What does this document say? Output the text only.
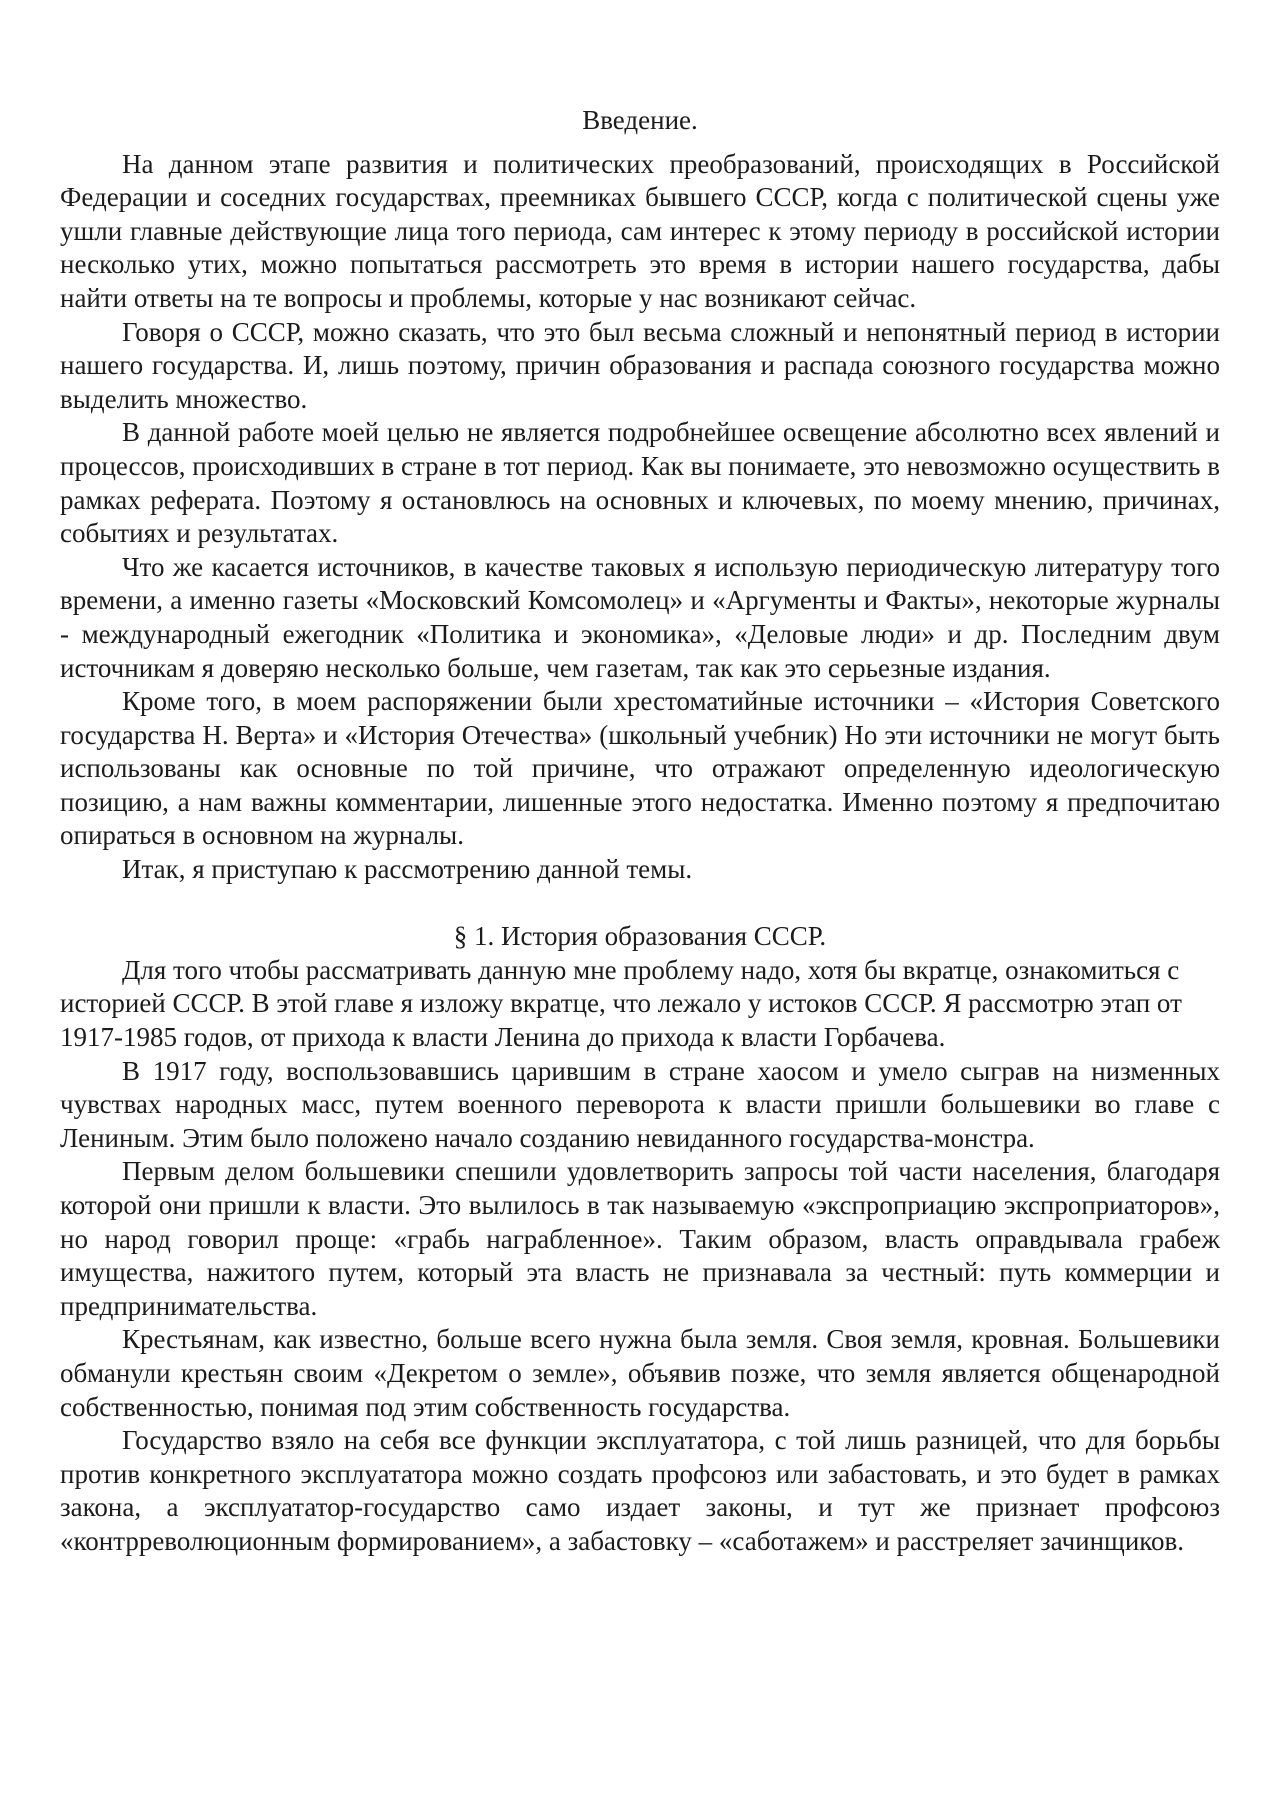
Введение.

На данном этапе развития и политических преобразований, происходящих в Российской Федерации и соседних государствах, преемниках бывшего СССР, когда с политической сцены уже ушли главные действующие лица того периода, сам интерес к этому периоду в российской истории несколько утих, можно попытаться рассмотреть это время в истории нашего государства, дабы найти ответы на те вопросы и проблемы, которые у нас возникают сейчас.

Говоря о СССР, можно сказать, что это был весьма сложный и непонятный период в истории нашего государства. И, лишь поэтому, причин образования и распада союзного государства можно выделить множество.

В данной работе моей целью не является подробнейшее освещение абсолютно всех явлений и процессов, происходивших в стране в тот период. Как вы понимаете, это невозможно осуществить в рамках реферата. Поэтому я остановлюсь на основных и ключевых, по моему мнению, причинах, событиях и результатах.

Что же касается источников, в качестве таковых я использую периодическую литературу того времени, а именно газеты «Московский Комсомолец» и «Аргументы и Факты», некоторые журналы - международный ежегодник «Политика и экономика», «Деловые люди» и др. Последним двум источникам я доверяю несколько больше, чем газетам, так как это серьезные издания.

Кроме того, в моем распоряжении были хрестоматийные источники – «История Советского государства Н. Верта» и «История Отечества» (школьный учебник) Но эти источники не могут быть использованы как основные по той причине, что отражают определенную идеологическую позицию, а нам важны комментарии, лишенные этого недостатка. Именно поэтому я предпочитаю опираться в основном на журналы.

Итак, я приступаю к рассмотрению данной темы.

§ 1. История образования СССР.

Для того чтобы рассматривать данную мне проблему надо, хотя бы вкратце, ознакомиться с историей СССР. В этой главе я изложу вкратце, что лежало у истоков СССР. Я рассмотрю этап от 1917-1985 годов, от прихода к власти Ленина до прихода к власти Горбачева.

В 1917 году, воспользовавшись царившим в стране хаосом и умело сыграв на низменных чувствах народных масс, путем военного переворота к власти пришли большевики во главе с Лениным. Этим было положено начало созданию невиданного государства-монстра.

Первым делом большевики спешили удовлетворить запросы той части населения, благодаря которой они пришли к власти. Это вылилось в так называемую «экспроприацию экспроприаторов», но народ говорил проще: «грабь награбленное». Таким образом, власть оправдывала грабеж имущества, нажитого путем, который эта власть не признавала за честный: путь коммерции и предпринимательства.

Крестьянам, как известно, больше всего нужна была земля. Своя земля, кровная. Большевики обманули крестьян своим «Декретом о земле», объявив позже, что земля является общенародной собственностью, понимая под этим собственность государства.

Государство взяло на себя все функции эксплуататора, с той лишь разницей, что для борьбы против конкретного эксплуататора можно создать профсоюз или забастовать, и это будет в рамках закона, а эксплуататор-государство само издает законы, и тут же признает профсоюз «контрреволюционным формированием», а забастовку – «саботажем» и расстреляет зачинщиков.
